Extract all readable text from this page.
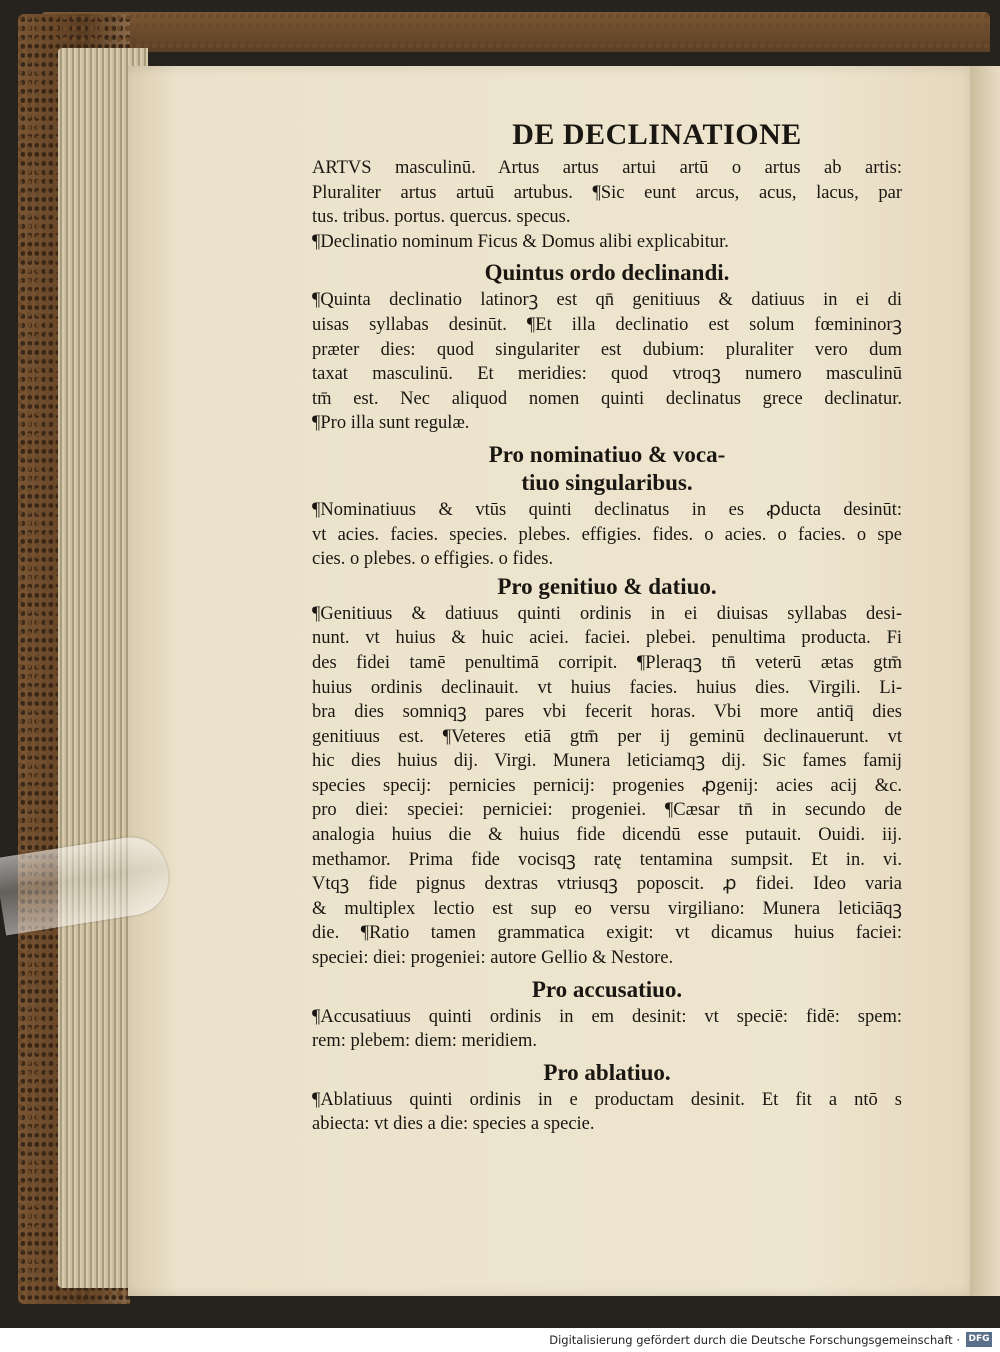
DE DECLINATIONE
ARTVS masculinū. Artus artus artui artū o artus ab artis:
Pluraliter artus artuū artubus. ¶Sic eunt arcus, acus, lacus, par
tus. tribus. portus. quercus. specus.
¶Declinatio nominum Ficus & Domus alibi explicabitur.
Quintus ordo declinandi.
¶Quinta declinatio latinorꝫ est qn̄ genitiuus & datiuus in ei di
uisas syllabas desinūt. ¶Et illa declinatio est solum fœmininorꝫ
præter dies: quod singulariter est dubium: pluraliter vero dum
taxat masculinū. Et meridies: quod vtroqꝫ numero masculinū
tm̄ est. Nec aliquod nomen quinti declinatus grece declinatur.
¶Pro illa sunt regulæ.
Pro nominatiuo & voca-
tiuo singularibus.
¶Nominatiuus & vtūs quinti declinatus in es ꝓducta desinūt:
vt acies. facies. species. plebes. effigies. fides. o acies. o facies. o spe
cies. o plebes. o effigies. o fides.
Pro genitiuo & datiuo.
¶Genitiuus & datiuus quinti ordinis in ei diuisas syllabas desi-
nunt. vt huius & huic aciei. faciei. plebei. penultima producta. Fi
des fidei tamē penultimā corripit. ¶Pleraqꝫ tn̄ veterū ætas gtm̄
huius ordinis declinauit. vt huius facies. huius dies. Virgili. Li-
bra dies somniqꝫ pares vbi fecerit horas. Vbi more antiq̄ dies
genitiuus est. ¶Veteres etiā gtm̄ per ij geminū declinauerunt. vt
hic dies huius dij. Virgi. Munera leticiamqꝫ dij. Sic fames famij
species specij: pernicies pernicij: progenies ꝓgenij: acies acij &c.
pro diei: speciei: perniciei: progeniei. ¶Cæsar tn̄ in secundo de
analogia huius die & huius fide dicendū esse putauit. Ouidi. iij.
methamor. Prima fide vocisqꝫ ratę tentamina sumpsit. Et in. vi.
Vtqꝫ fide pignus dextras vtriusqꝫ poposcit. ꝓ fidei. Ideo varia
& multiplex lectio est sup eo versu virgiliano: Munera leticiāqꝫ
die. ¶Ratio tamen grammatica exigit: vt dicamus huius faciei:
speciei: diei: progeniei: autore Gellio & Nestore.
Pro accusatiuo.
¶Accusatiuus quinti ordinis in em desinit: vt speciē: fidē: spem:
rem: plebem: diem: meridiem.
Pro ablatiuo.
¶Ablatiuus quinti ordinis in e productam desinit. Et fit a ntō s
abiecta: vt dies a die: species a specie.
Digitalisierung gefördert durch die Deutsche Forschungsgemeinschaft · DFG
